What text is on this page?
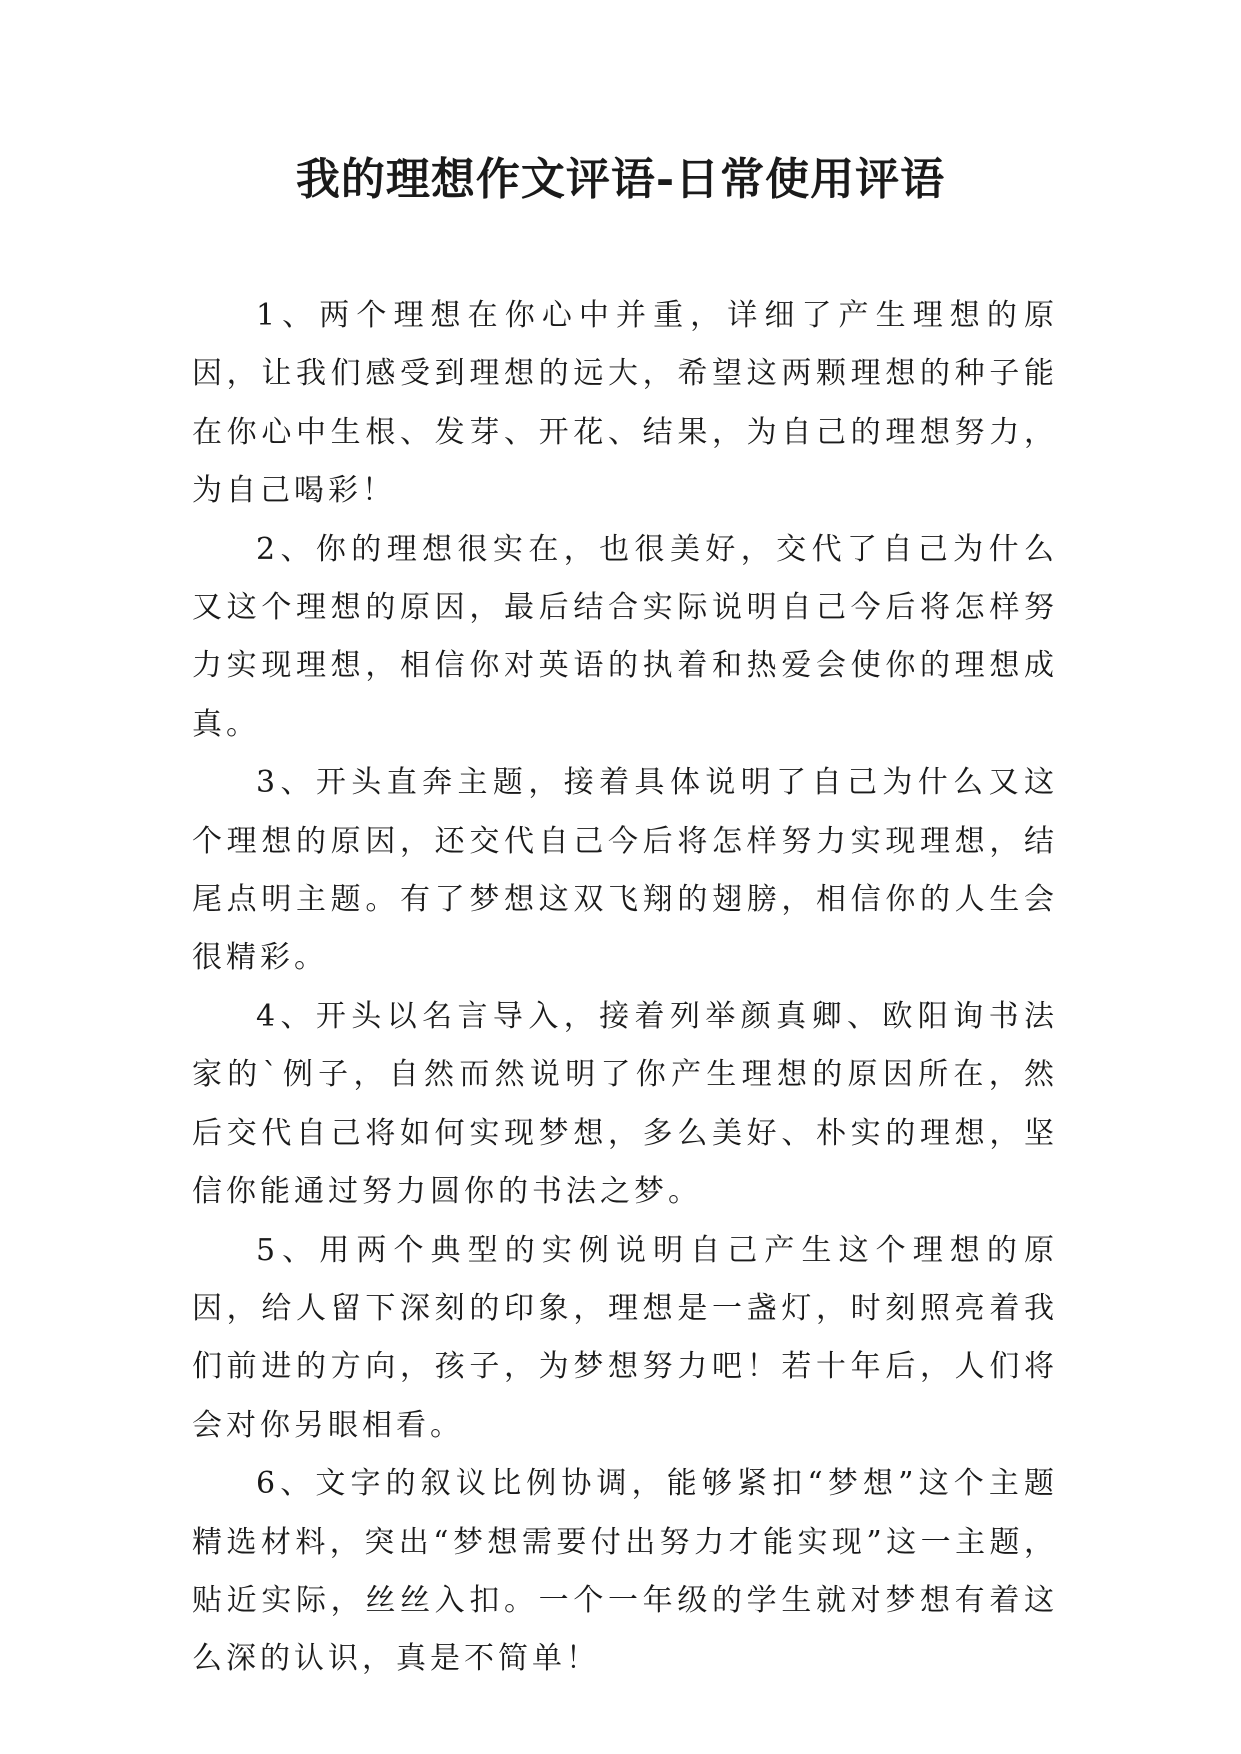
我的理想作文评语-日常使用评语

1、两个理想在你心中并重，详细了产生理想的原因，让我们感受到理想的远大，希望这两颗理想的种子能在你心中生根、发芽、开花、结果，为自己的理想努力，为自己喝彩！

2、你的理想很实在，也很美好，交代了自己为什么又这个理想的原因，最后结合实际说明自己今后将怎样努力实现理想，相信你对英语的执着和热爱会使你的理想成真。

3、开头直奔主题，接着具体说明了自己为什么又这个理想的原因，还交代自己今后将怎样努力实现理想，结尾点明主题。有了梦想这双飞翔的翅膀，相信你的人生会很精彩。

4、开头以名言导入，接着列举颜真卿、欧阳询书法家的`例子，自然而然说明了你产生理想的原因所在，然后交代自己将如何实现梦想，多么美好、朴实的理想，坚信你能通过努力圆你的书法之梦。

5、用两个典型的实例说明自己产生这个理想的原因，给人留下深刻的印象，理想是一盏灯，时刻照亮着我们前进的方向，孩子，为梦想努力吧！若十年后，人们将会对你另眼相看。

6、文字的叙议比例协调，能够紧扣“梦想”这个主题精选材料，突出“梦想需要付出努力才能实现”这一主题，贴近实际，丝丝入扣。一个一年级的学生就对梦想有着这么深的认识，真是不简单！
